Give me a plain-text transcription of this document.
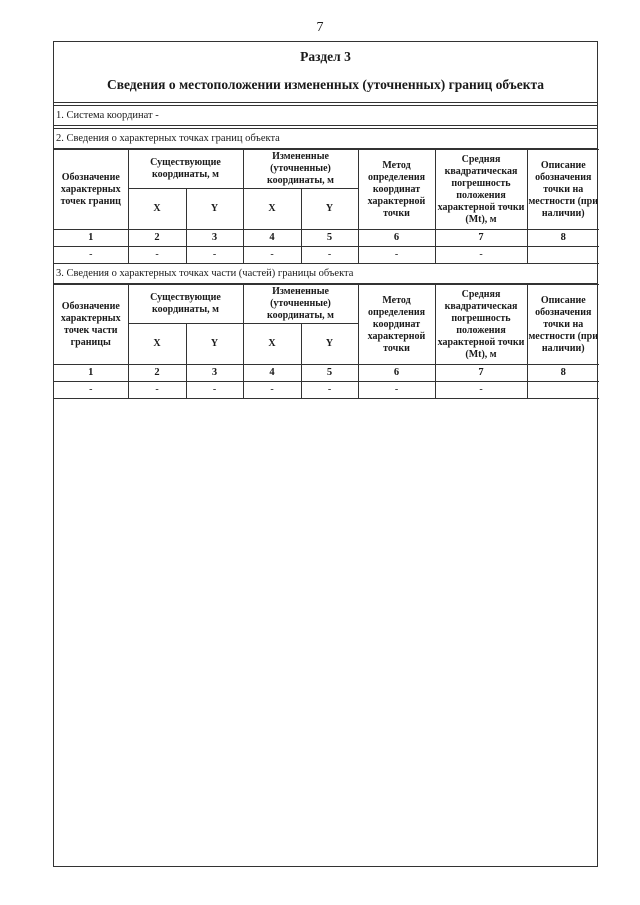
7
Раздел 3
Сведения о местоположении измененных (уточненных) границ объекта
1. Система координат -
2. Сведения о характерных точках границ объекта
Обозначение характерных точек границ	Существующие координаты, м		Измененные (уточненные) координаты, м		Метод определения координат характерной точки	Средняя квадратическая погрешность положения характерной точки (Mt), м	Описание обозначения точки на местности (при наличии)
	X	Y	X	Y			
1	2	3	4	5	6	7	8
-	-	-	-	-	-	-	
3. Сведения о характерных точках части (частей) границы объекта
Обозначение характерных точек части границы	Существующие координаты, м		Измененные (уточненные) координаты, м		Метод определения координат характерной точки	Средняя квадратическая погрешность положения характерной точки (Mt), м	Описание обозначения точки на местности (при наличии)
	X	Y	X	Y			
1	2	3	4	5	6	7	8
-	-	-	-	-	-	-	
